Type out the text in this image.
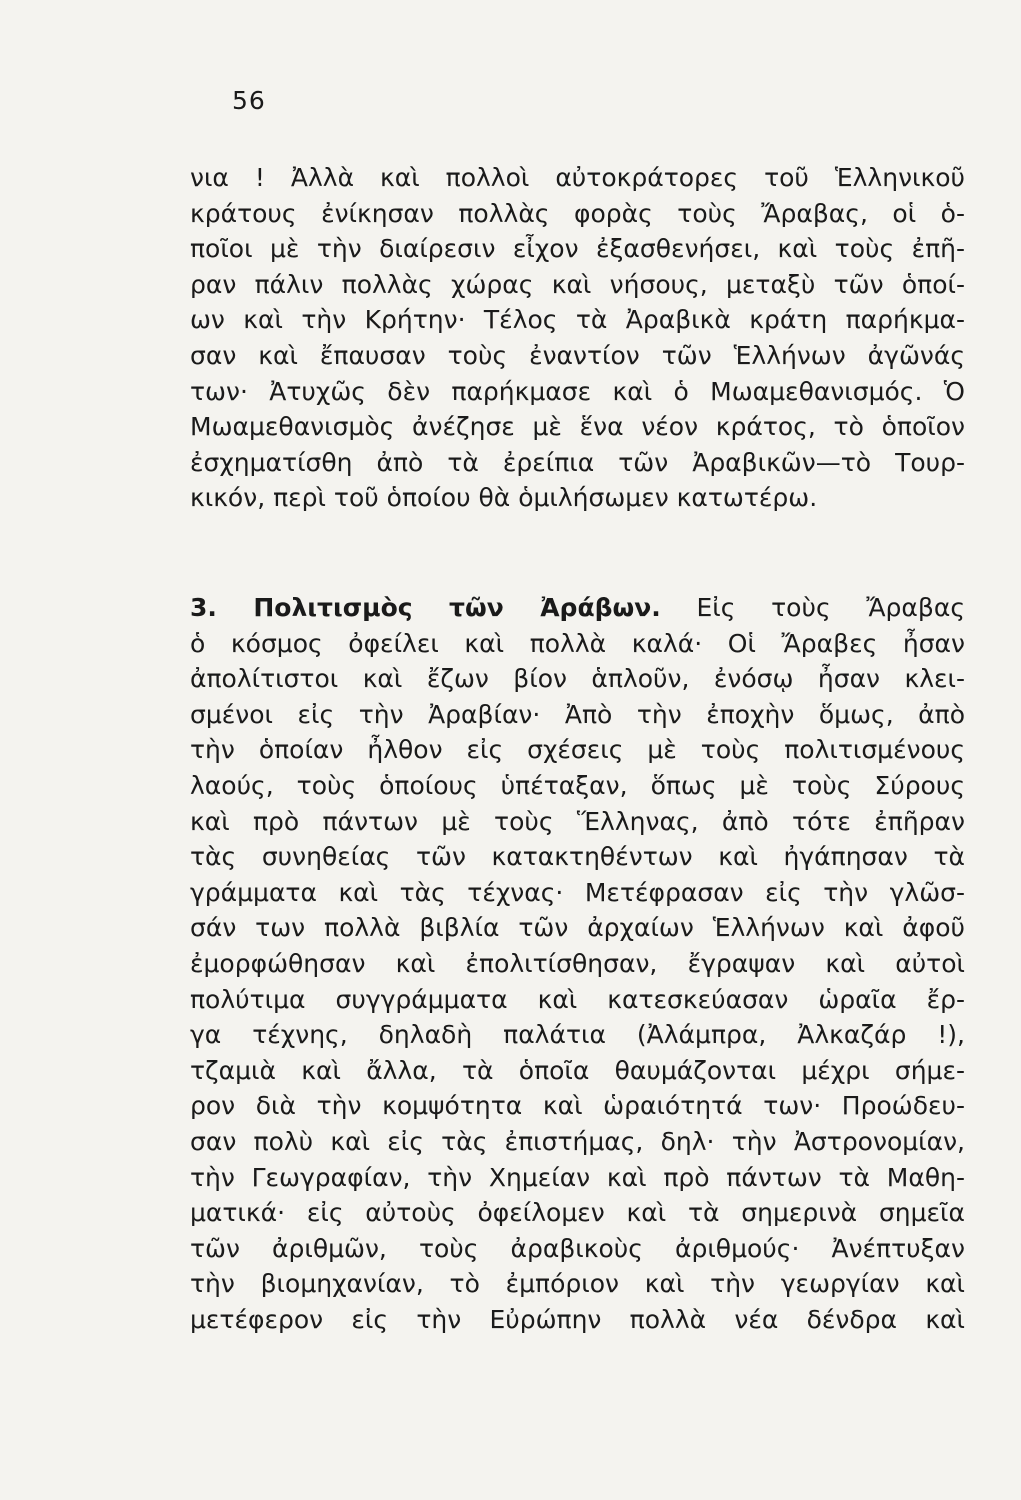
56
νια ! Ἀλλὰ καὶ πολλοὶ αὐτοκράτορες τοῦ Ἑλληνικοῦ
κράτους ἐνίκησαν πολλὰς φορὰς τοὺς Ἄραβας, οἱ ὁ-
ποῖοι μὲ τὴν διαίρεσιν εἶχον ἐξασθενήσει, καὶ τοὺς ἐπῆ-
ραν πάλιν πολλὰς χώρας καὶ νήσους, μεταξὺ τῶν ὁποί-
ων καὶ τὴν Κρήτην· Τέλος τὰ Ἀραβικὰ κράτη παρήκμα-
σαν καὶ ἔπαυσαν τοὺς ἐναντίον τῶν Ἑλλήνων ἀγῶνάς
των· Ἀτυχῶς δὲν παρήκμασε καὶ ὁ Μωαμεθανισμός. Ὁ
Μωαμεθανισμὸς ἀνέζησε μὲ ἕνα νέον κράτος, τὸ ὁποῖον
ἐσχηματίσθη ἀπὸ τὰ ἐρείπια τῶν Ἀραβικῶν—τὸ Τουρ-
κικόν, περὶ τοῦ ὁποίου θὰ ὁμιλήσωμεν κατωτέρω.
3. Πολιτισμὸς τῶν Ἀράβων. Εἰς τοὺς Ἄραβας
ὁ κόσμος ὀφείλει καὶ πολλὰ καλά· Οἱ Ἄραβες ἦσαν
ἀπολίτιστοι καὶ ἔζων βίον ἁπλοῦν, ἐνόσῳ ἦσαν κλει-
σμένοι εἰς τὴν Ἀραβίαν· Ἀπὸ τὴν ἐποχὴν ὅμως, ἀπὸ
τὴν ὁποίαν ἦλθον εἰς σχέσεις μὲ τοὺς πολιτισμένους
λαούς, τοὺς ὁποίους ὑπέταξαν, ὅπως μὲ τοὺς Σύρους
καὶ πρὸ πάντων μὲ τοὺς Ἕλληνας, ἀπὸ τότε ἐπῆραν
τὰς συνηθείας τῶν κατακτηθέντων καὶ ἠγάπησαν τὰ
γράμματα καὶ τὰς τέχνας· Μετέφρασαν εἰς τὴν γλῶσ-
σάν των πολλὰ βιβλία τῶν ἀρχαίων Ἑλλήνων καὶ ἀφοῦ
ἐμορφώθησαν καὶ ἐπολιτίσθησαν, ἔγραψαν καὶ αὐτοὶ
πολύτιμα συγγράμματα καὶ κατεσκεύασαν ὡραῖα ἔρ-
γα τέχνης, δηλαδὴ παλάτια (Ἀλάμπρα, Ἀλκαζάρ !),
τζαμιὰ καὶ ἄλλα, τὰ ὁποῖα θαυμάζονται μέχρι σήμε-
ρον διὰ τὴν κομψότητα καὶ ὡραιότητά των· Προώδευ-
σαν πολὺ καὶ εἰς τὰς ἐπιστήμας, δηλ· τὴν Ἀστρονομίαν,
τὴν Γεωγραφίαν, τὴν Χημείαν καὶ πρὸ πάντων τὰ Μαθη-
ματικά· εἰς αὐτοὺς ὀφείλομεν καὶ τὰ σημερινὰ σημεῖα
τῶν ἀριθμῶν, τοὺς ἀραβικοὺς ἀριθμούς· Ἀνέπτυξαν
τὴν βιομηχανίαν, τὸ ἐμπόριον καὶ τὴν γεωργίαν καὶ
μετέφερον εἰς τὴν Εὐρώπην πολλὰ νέα δένδρα καὶ
